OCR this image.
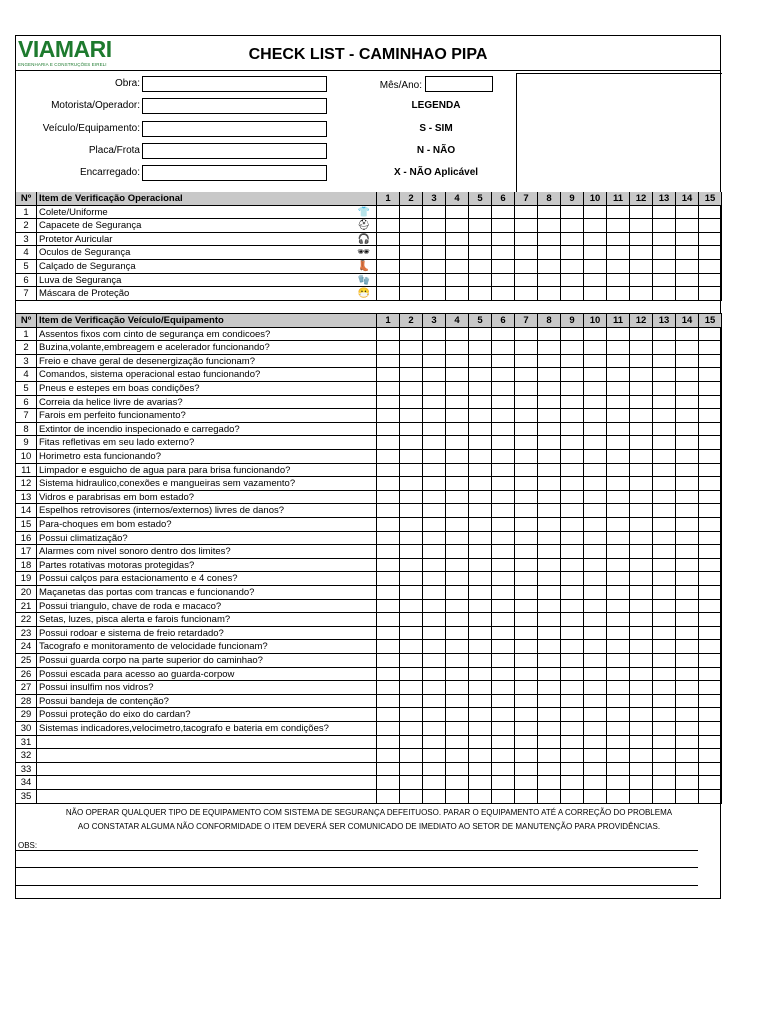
VIAMARI
ENGENHARIA E CONSTRUÇÕES EIRELI
CHECK LIST - CAMINHAO PIPA
Obra:
Motorista/Operador:
Veículo/Equipamento:
Placa/Frota
Encarregado:
Mês/Ano:
LEGENDA
S - SIM
N - NÃO
X - NÃO Aplicável
Nº Item de Verificação Operacional	1	2	3	4	5	6	7	8	9	10	11	12	13	14	15
1	Colete/Uniforme	👕
2	Capacete de Segurança	⛑
3	Protetor Auricular	🎧
4	Oculos de Segurança	🕶
5	Calçado de Segurança	👢
6	Luva de Segurança	🧤
7	Máscara de Proteção	😷
Nº Item de Verificação Veículo/Equipamento	1	2	3	4	5	6	7	8	9	10	11	12	13	14	15
1	Assentos fixos com cinto de segurança em condicoes?
2	Buzina,volante,embreagem e acelerador funcionando?
3	Freio e chave geral de desenergização funcionam?
4	Comandos, sistema operacional estao funcionando?
5	Pneus e estepes em boas condições?
6	Correia da helice livre de avarias?
7	Farois em perfeito funcionamento?
8	Extintor de incendio inspecionado e carregado?
9	Fitas refletivas em seu lado externo?
10 Horimetro esta funcionando?
11 Limpador e esguicho de agua para para brisa funcionando?
12 Sistema hidraulico,conexões e mangueiras sem vazamento?
13 Vidros e parabrisas em bom estado?
14 Espelhos retrovisores (internos/externos) livres de danos?
15 Para-choques em bom estado?
16 Possui climatização?
17 Alarmes com nivel sonoro dentro dos limites?
18 Partes rotativas motoras protegidas?
19 Possui calços para estacionamento e 4 cones?
20 Maçanetas das portas com trancas e funcionando?
21 Possui triangulo, chave de roda e macaco?
22 Setas, luzes, pisca alerta e farois funcionam?
23 Possui rodoar e sistema de freio retardado?
24 Tacografo e monitoramento de velocidade funcionam?
25 Possui guarda corpo na parte superior do caminhao?
26 Possui escada para acesso ao guarda-corpow
27 Possui insulfim nos vidros?
28 Possui bandeja de contenção?
29 Possui proteção do eixo do cardan?
30 Sistemas indicadores,velocimetro,tacografo e bateria em condições?
31
32
33
34
35
NÃO OPERAR QUALQUER TIPO DE EQUIPAMENTO COM SISTEMA DE SEGURANÇA DEFEITUOSO. PARAR O EQUIPAMENTO ATÉ A CORREÇÃO DO PROBLEMA
AO CONSTATAR ALGUMA NÃO CONFORMIDADE O ITEM DEVERÁ SER COMUNICADO DE IMEDIATO AO SETOR DE MANUTENÇÃO PARA PROVIDÊNCIAS.
OBS:
